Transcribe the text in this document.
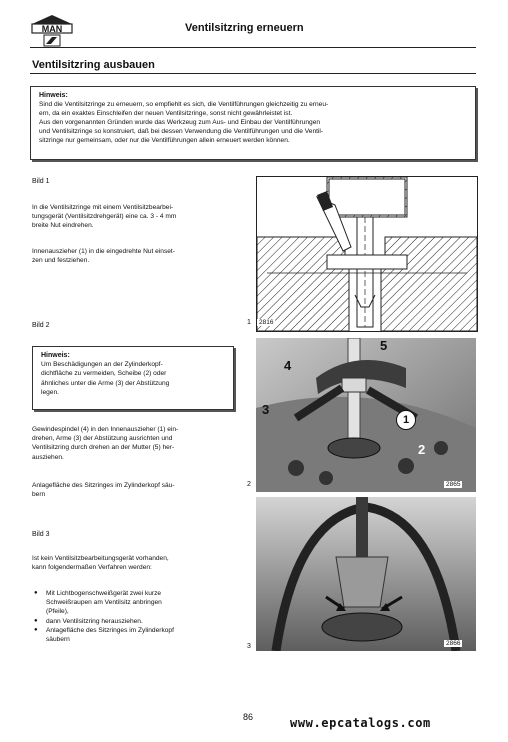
MAN	Ventilsitzring erneuern
Ventilsitzring ausbauen
Hinweis:
Sind die Ventilsitzringe zu erneuern, so empfiehlt es sich, die Ventilführungen gleichzeitig zu erneu-
ern, da ein exaktes Einschleifen der neuen Ventilsitzringe, sonst nicht gewährleistet ist.
Aus den vorgenannten Gründen wurde das Werkzeug zum Aus- und Einbau der Ventilführungen
und Ventilsitzringe so konstruiert, daß bei dessen Verwendung die Ventilführungen und die Ventil-
sitzringe nur gemeinsam, oder nur die Ventilführungen allein erneuert werden können.
Bild 1
In die Ventilsitzringe mit einem Ventilsitzbearbei-
tungsgerät (Ventilsitzdrehgerät) eine ca. 3 - 4 mm
breite Nut eindrehen.
Innenauszieher (1) in die eingedrehte Nut einset-
zen und festziehen.
Bild 2
Hinweis:
Um Beschädigungen an der Zylinderkopf-
dichtfläche zu vermeiden, Scheibe (2) oder
ähnliches unter die Arme (3) der Abstützung
legen.
Gewindespindel (4) in den Innenauszieher (1) ein-
drehen, Arme (3) der Abstützung ausrichten und
Ventilsitzring durch drehen an der Mutter (5) her-
ausziehen.
Anlagefläche des Sitzringes im Zylinderkopf säu-
bern
Bild 3
Ist kein Ventilsitzbearbeitungsgerät vorhanden,
kann folgendermaßen Verfahren werden:
● Mit Lichtbogenschweißgerät zwei kurze
Schweißraupen am Ventilsitz anbringen
(Pfeile),
● dann Ventilsitzring herausziehen.
● Anlagefläche des Sitzringes im Zylinderkopf
säubern
1	2816
5
4
3
1
2
2865
2
2866
3
86	www.epcatalogs.com
